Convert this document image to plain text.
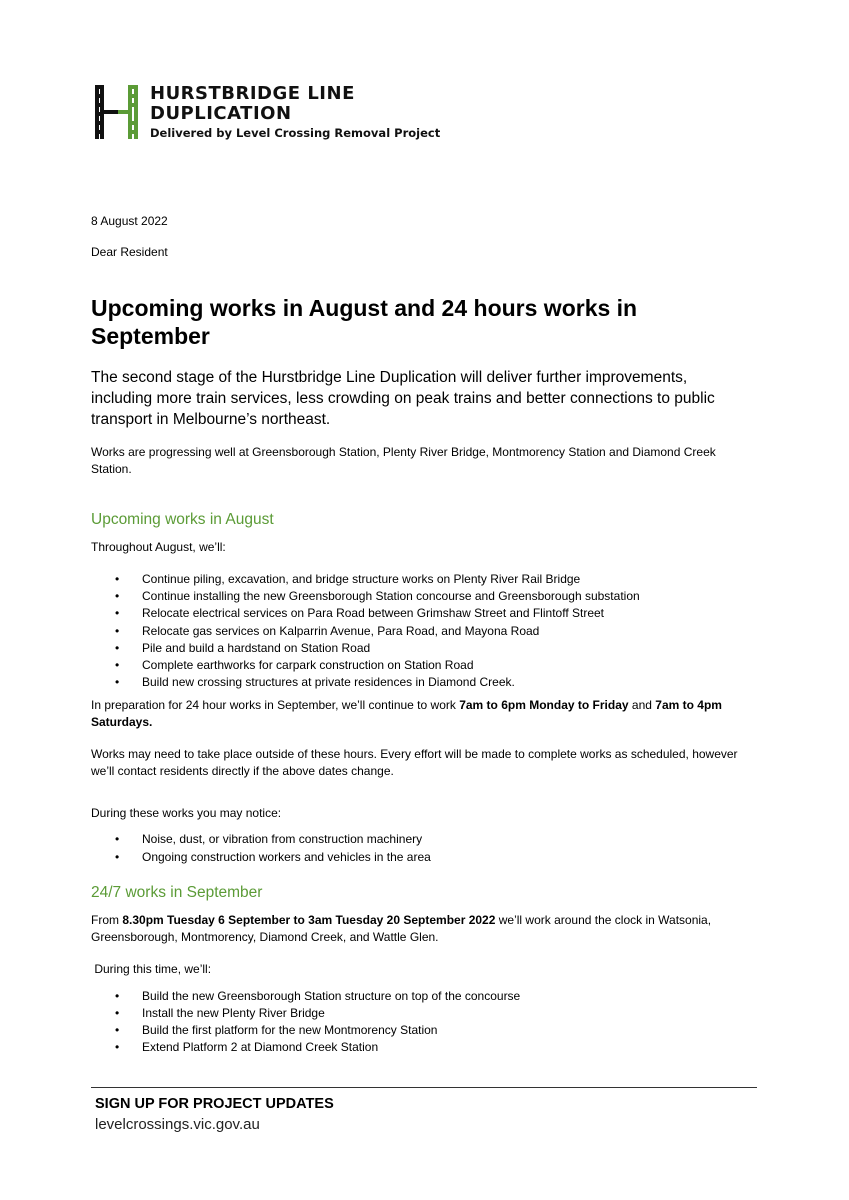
HURSTBRIDGE LINE
DUPLICATION
Delivered by Level Crossing Removal Project

8 August 2022

Dear Resident

Upcoming works in August and 24 hours works in September

The second stage of the Hurstbridge Line Duplication will deliver further improvements, including more train services, less crowding on peak trains and better connections to public transport in Melbourne’s northeast.

Works are progressing well at Greensborough Station, Plenty River Bridge, Montmorency Station and Diamond Creek Station.

Upcoming works in August

Throughout August, we’ll:

• Continue piling, excavation, and bridge structure works on Plenty River Rail Bridge
• Continue installing the new Greensborough Station concourse and Greensborough substation
• Relocate electrical services on Para Road between Grimshaw Street and Flintoff Street
• Relocate gas services on Kalparrin Avenue, Para Road, and Mayona Road
• Pile and build a hardstand on Station Road
• Complete earthworks for carpark construction on Station Road
• Build new crossing structures at private residences in Diamond Creek.

In preparation for 24 hour works in September, we’ll continue to work 7am to 6pm Monday to Friday and 7am to 4pm Saturdays.

Works may need to take place outside of these hours. Every effort will be made to complete works as scheduled, however we’ll contact residents directly if the above dates change.

During these works you may notice:

• Noise, dust, or vibration from construction machinery
• Ongoing construction workers and vehicles in the area
24/7 works in September

From 8.30pm Tuesday 6 September to 3am Tuesday 20 September 2022 we’ll work around the clock in Watsonia, Greensborough, Montmorency, Diamond Creek, and Wattle Glen.

During this time, we’ll:

• Build the new Greensborough Station structure on top of the concourse
• Install the new Plenty River Bridge
• Build the first platform for the new Montmorency Station
• Extend Platform 2 at Diamond Creek Station
SIGN UP FOR PROJECT UPDATES
levelcrossings.vic.gov.au
